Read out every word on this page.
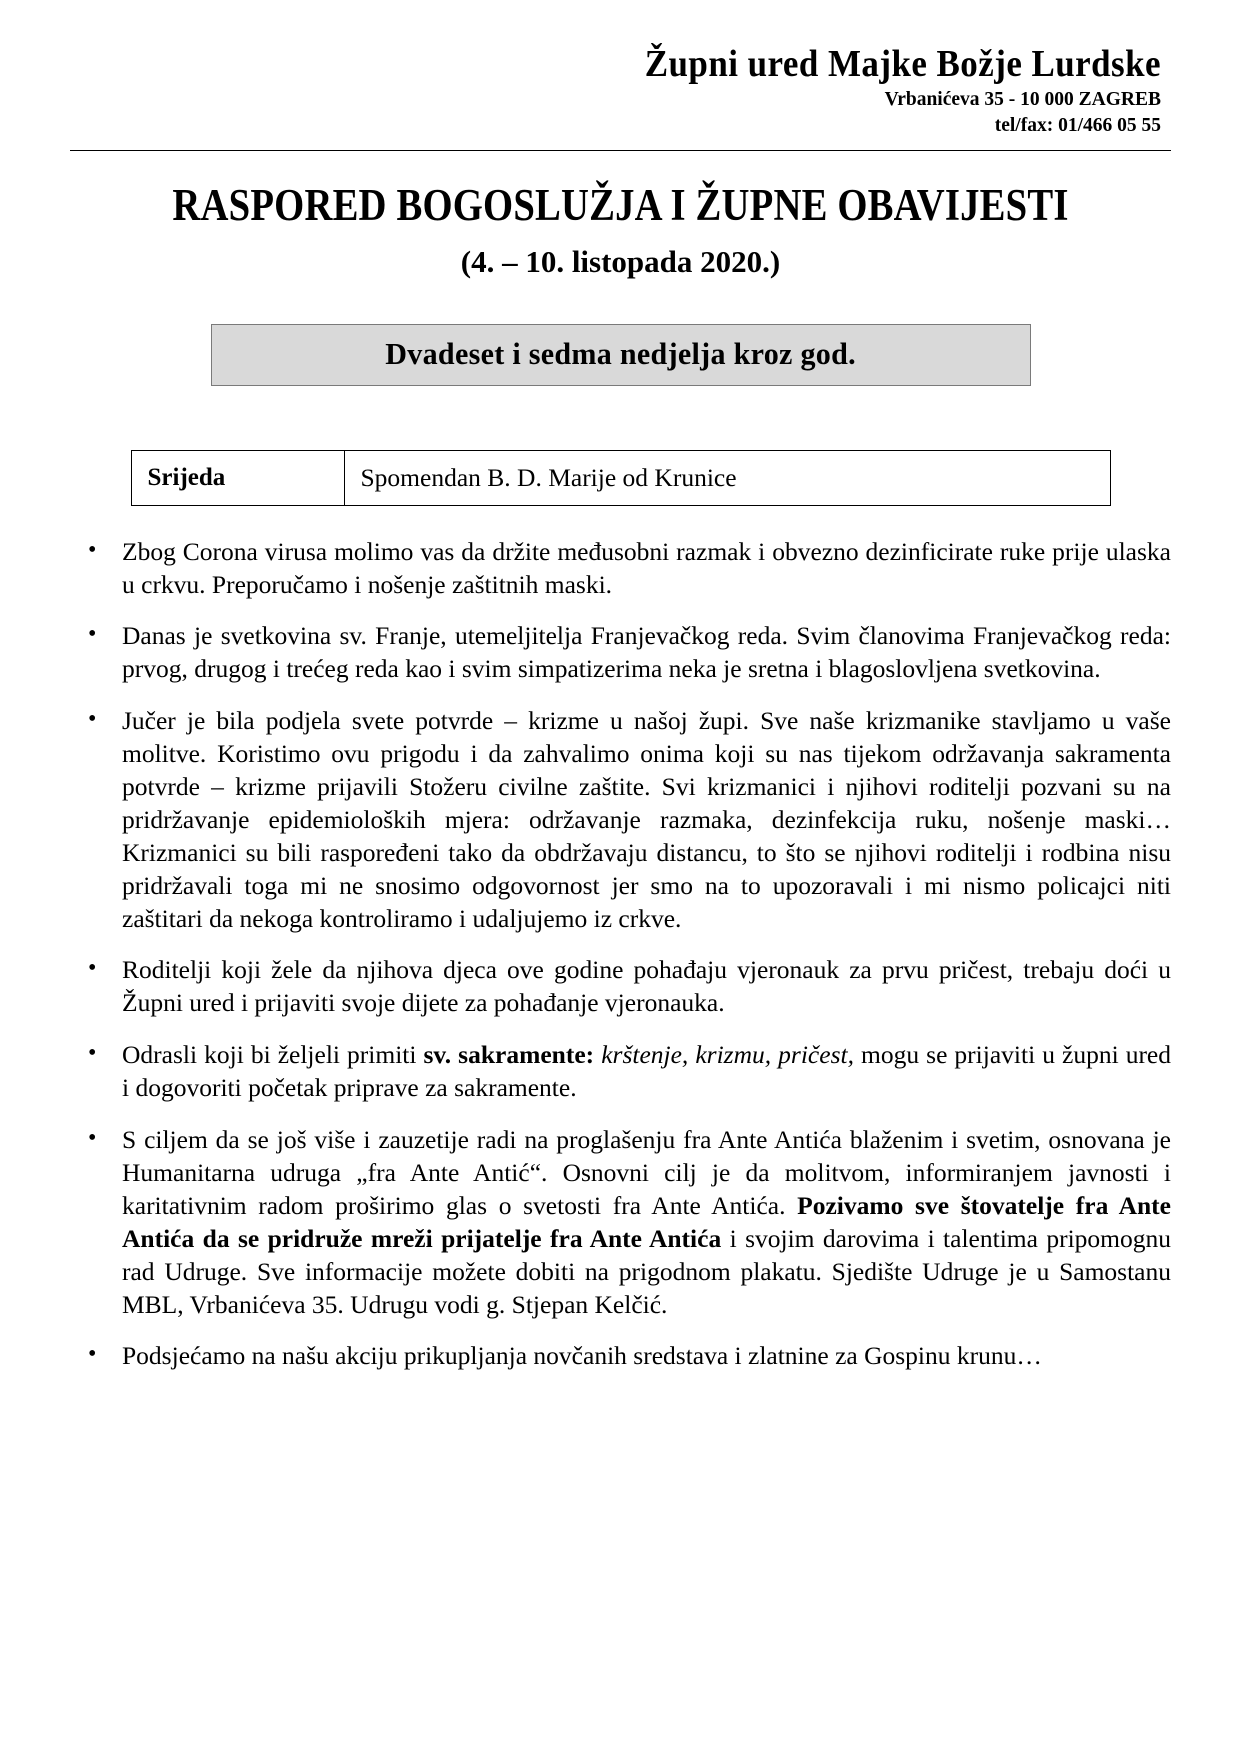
Župni ured Majke Božje Lurdske
Vrbanićeva 35 - 10 000 ZAGREB
tel/fax: 01/466 05 55
RASPORED BOGOSLUŽJA I ŽUPNE OBAVIJESTI
(4. – 10. listopada 2020.)
Dvadeset i sedma nedjelja kroz god.
Srijeda	Spomendan B. D. Marije od Krunice
• Zbog Corona virusa molimo vas da držite međusobni razmak i obvezno dezinficirate ruke prije ulaska u crkvu. Preporučamo i nošenje zaštitnih maski.
• Danas je svetkovina sv. Franje, utemeljitelja Franjevačkog reda. Svim članovima Franjevačkog reda: prvog, drugog i trećeg reda kao i svim simpatizerima neka je sretna i blagoslovljena svetkovina.
• Jučer je bila podjela svete potvrde – krizme u našoj župi. Sve naše krizmanike stavljamo u vaše molitve. Koristimo ovu prigodu i da zahvalimo onima koji su nas tijekom održavanja sakramenta potvrde – krizme prijavili Stožeru civilne zaštite. Svi krizmanici i njihovi roditelji pozvani su na pridržavanje epidemioloških mjera: održavanje razmaka, dezinfekcija ruku, nošenje maski… Krizmanici su bili raspoređeni tako da obdržavaju distancu, to što se njihovi roditelji i rodbina nisu pridržavali toga mi ne snosimo odgovornost jer smo na to upozoravali i mi nismo policajci niti zaštitari da nekoga kontroliramo i udaljujemo iz crkve.
• Roditelji koji žele da njihova djeca ove godine pohađaju vjeronauk za prvu pričest, trebaju doći u Župni ured i prijaviti svoje dijete za pohađanje vjeronauka.
• Odrasli koji bi željeli primiti sv. sakramente: krštenje, krizmu, pričest, mogu se prijaviti u župni ured i dogovoriti početak priprave za sakramente.
• S ciljem da se još više i zauzetije radi na proglašenju fra Ante Antića blaženim i svetim, osnovana je Humanitarna udruga „fra Ante Antić“. Osnovni cilj je da molitvom, informiranjem javnosti i karitativnim radom proširimo glas o svetosti fra Ante Antića. Pozivamo sve štovatelje fra Ante Antića da se pridruže mreži prijatelje fra Ante Antića i svojim darovima i talentima pripomognu rad Udruge. Sve informacije možete dobiti na prigodnom plakatu. Sjedište Udruge je u Samostanu MBL, Vrbanićeva 35. Udrugu vodi g. Stjepan Kelčić.
• Podsjećamo na našu akciju prikupljanja novčanih sredstava i zlatnine za Gospinu krunu…
